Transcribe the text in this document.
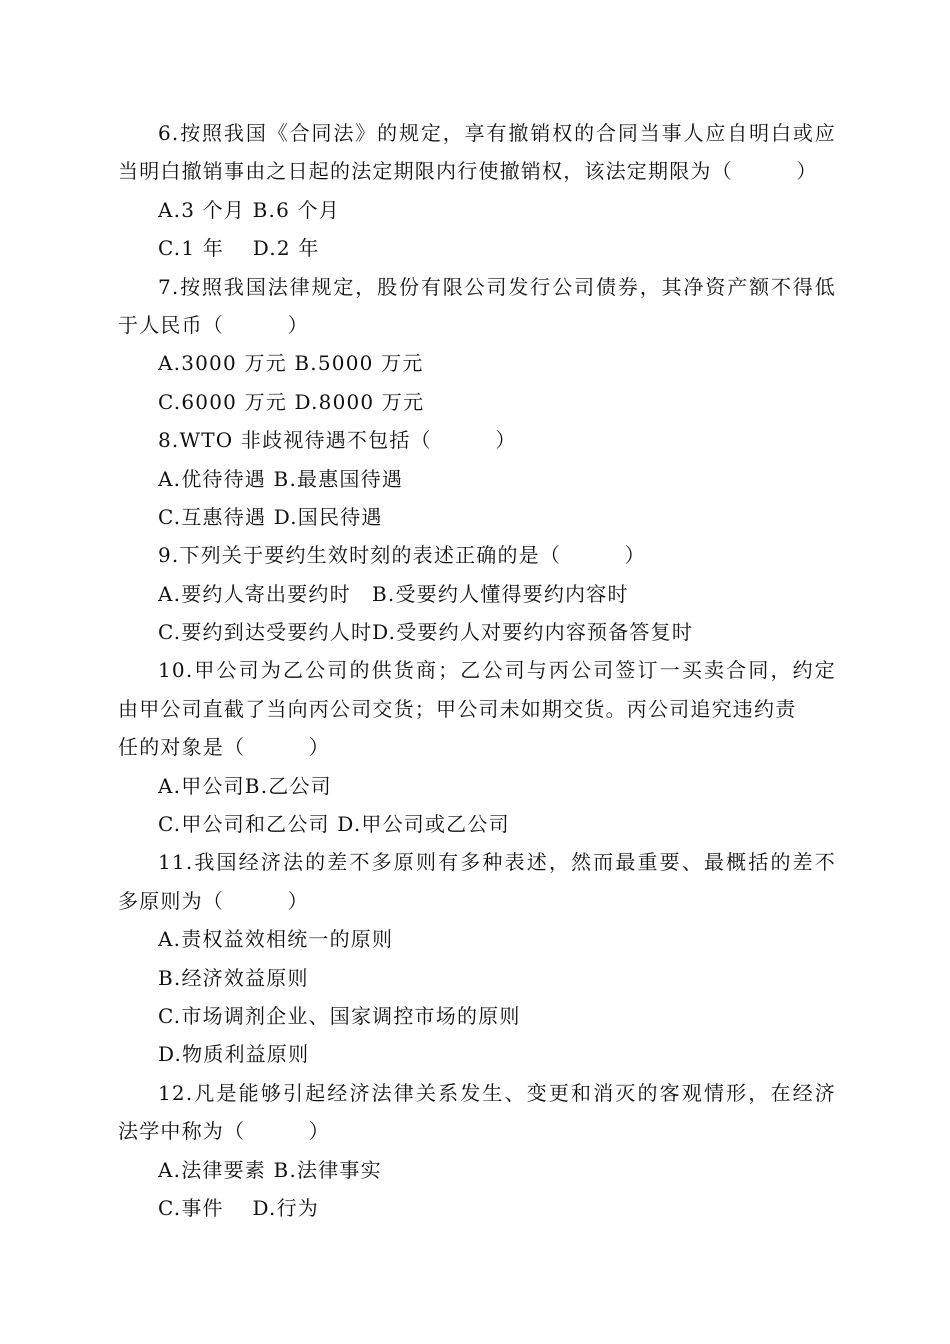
6.按照我国《合同法》的规定，享有撤销权的合同当事人应自明白或应
当明白撤销事由之日起的法定期限内行使撤销权，该法定期限为（　　　）
A.3 个月 B.6 个月
C.1 年　 D.2 年
7.按照我国法律规定，股份有限公司发行公司债券，其净资产额不得低
于人民币（　　　）
A.3000 万元 B.5000 万元
C.6000 万元 D.8000 万元
8.WTO 非歧视待遇不包括（　　　）
A.优待待遇 B.最惠国待遇
C.互惠待遇 D.国民待遇
9.下列关于要约生效时刻的表述正确的是（　　　）
A.要约人寄出要约时　B.受要约人懂得要约内容时
C.要约到达受要约人时D.受要约人对要约内容预备答复时
10.甲公司为乙公司的供货商；乙公司与丙公司签订一买卖合同，约定
由甲公司直截了当向丙公司交货；甲公司未如期交货。丙公司追究违约责
任的对象是（　　　）
A.甲公司B.乙公司
C.甲公司和乙公司 D.甲公司或乙公司
11.我国经济法的差不多原则有多种表述，然而最重要、最概括的差不
多原则为（　　　）
A.责权益效相统一的原则
B.经济效益原则
C.市场调剂企业、国家调控市场的原则
D.物质利益原则
12.凡是能够引起经济法律关系发生、变更和消灭的客观情形，在经济
法学中称为（　　　）
A.法律要素 B.法律事实
C.事件　 D.行为
